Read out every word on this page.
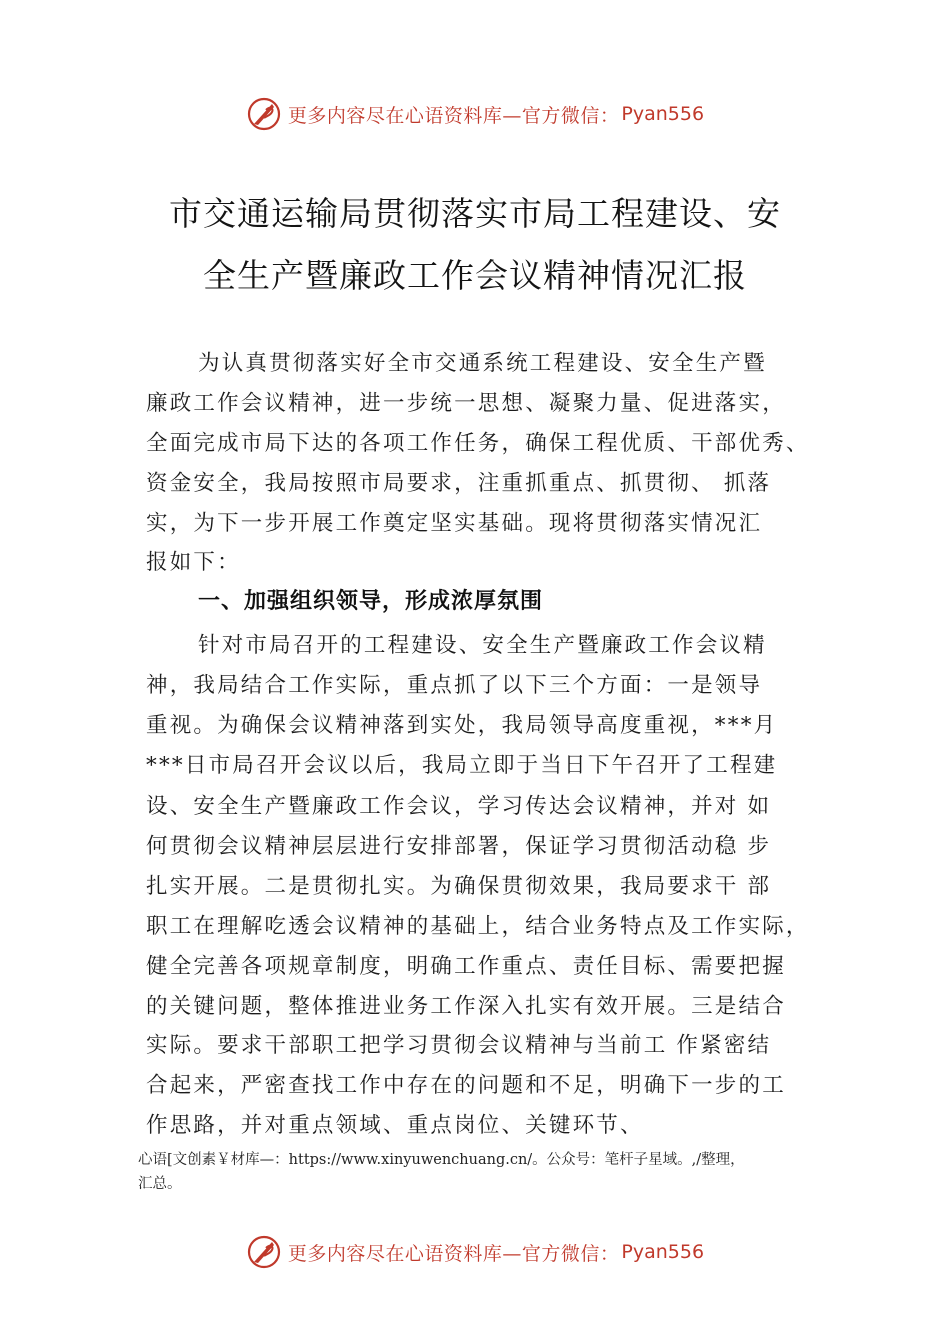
更多内容尽在心语资料库—官方微信： Pyan556
市交通运输局贯彻落实市局工程建设、安
全生产暨廉政工作会议精神情况汇报
为认真贯彻落实好全市交通系统工程建设、安全生产暨
廉政工作会议精神，进一步统一思想、凝聚力量、促进落实，
全面完成市局下达的各项工作任务，确保工程优质、干部优秀、
资金安全，我局按照市局要求，注重抓重点、抓贯彻、 抓落
实，为下一步开展工作奠定坚实基础。现将贯彻落实情况汇
报如下：
一、加强组织领导，形成浓厚氛围
针对市局召开的工程建设、安全生产暨廉政工作会议精
神，我局结合工作实际，重点抓了以下三个方面：一是领导
重视。为确保会议精神落到实处，我局领导高度重视，***月
***日市局召开会议以后，我局立即于当日下午召开了工程建
设、安全生产暨廉政工作会议，学习传达会议精神，并对 如
何贯彻会议精神层层进行安排部署，保证学习贯彻活动稳 步
扎实开展。二是贯彻扎实。为确保贯彻效果，我局要求干 部
职工在理解吃透会议精神的基础上，结合业务特点及工作实际，
健全完善各项规章制度，明确工作重点、责任目标、需要把握
的关键问题，整体推进业务工作深入扎实有效开展。三是结合
实际。要求干部职工把学习贯彻会议精神与当前工 作紧密结
合起来，严密查找工作中存在的问题和不足，明确下一步的工
作思路，并对重点领域、重点岗位、关键环节、
心语[文创素￥材库—：https://www.xinyuwenchuang.cn/。公众号：笔杆子星域。,/整理，
汇总。
更多内容尽在心语资料库—官方微信： Pyan556
